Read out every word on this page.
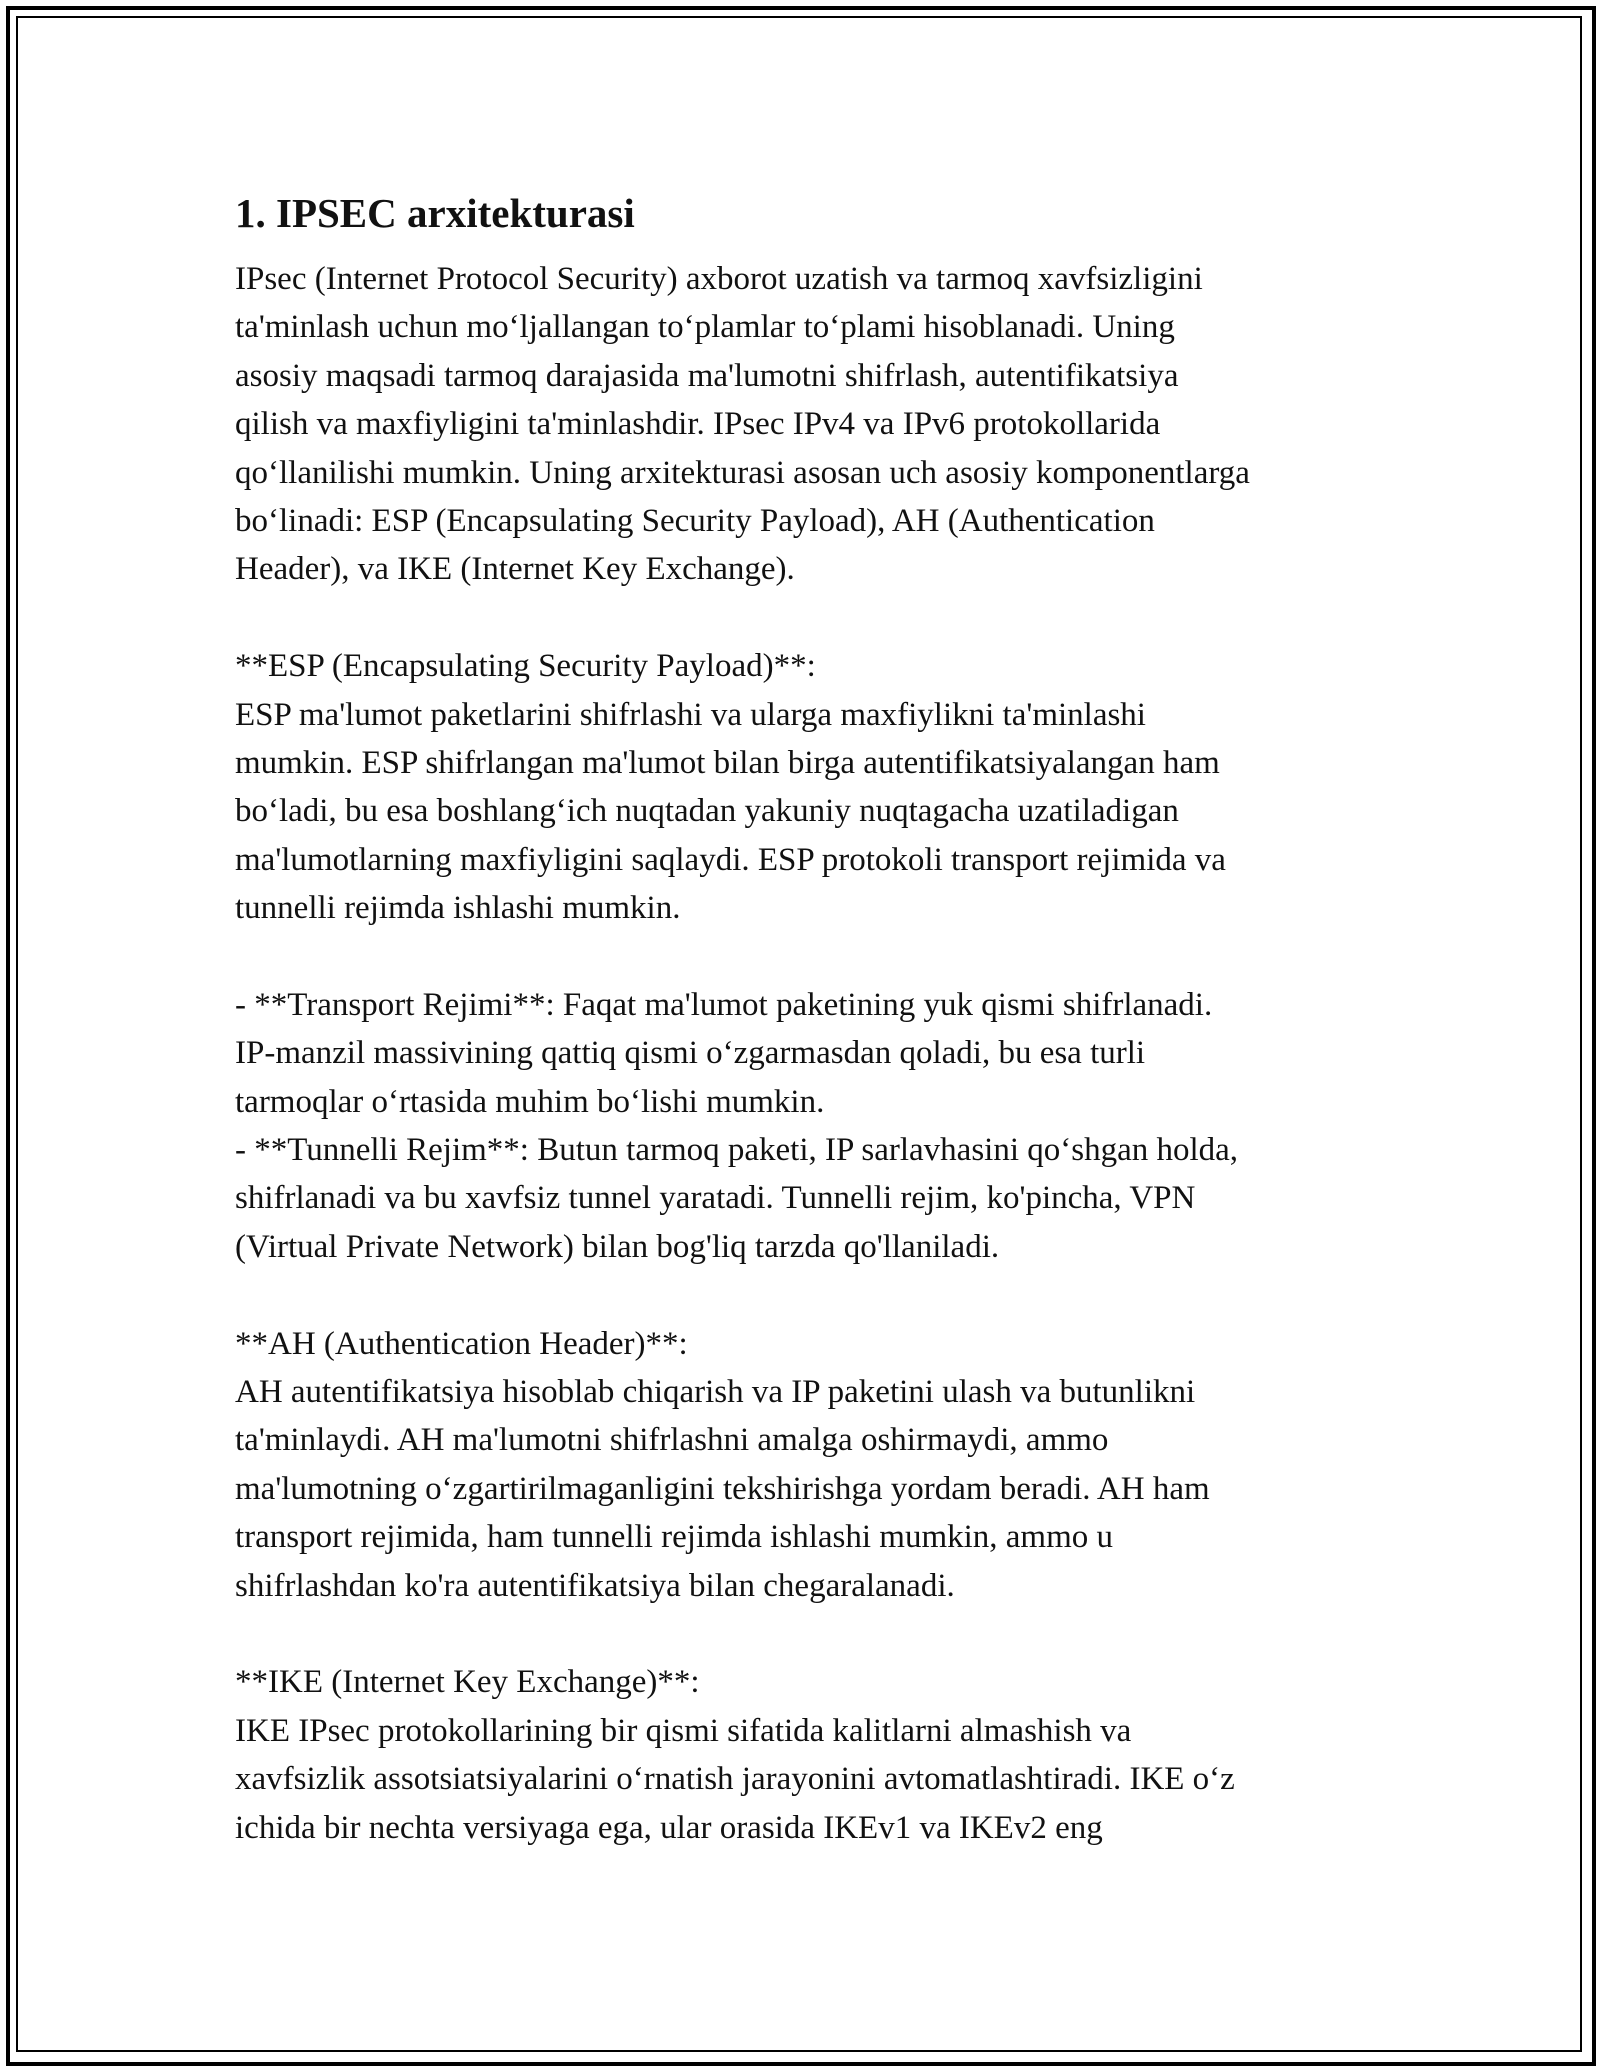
1. IPSEC arxitekturasi
IPsec (Internet Protocol Security) axborot uzatish va tarmoq xavfsizligini
ta'minlash uchun mo‘ljallangan to‘plamlar to‘plami hisoblanadi. Uning
asosiy maqsadi tarmoq darajasida ma'lumotni shifrlash, autentifikatsiya
qilish va maxfiyligini ta'minlashdir. IPsec IPv4 va IPv6 protokollarida
qo‘llanilishi mumkin. Uning arxitekturasi asosan uch asosiy komponentlarga
bo‘linadi: ESP (Encapsulating Security Payload), AH (Authentication
Header), va IKE (Internet Key Exchange).
**ESP (Encapsulating Security Payload)**:
ESP ma'lumot paketlarini shifrlashi va ularga maxfiylikni ta'minlashi
mumkin. ESP shifrlangan ma'lumot bilan birga autentifikatsiyalangan ham
bo‘ladi, bu esa boshlang‘ich nuqtadan yakuniy nuqtagacha uzatiladigan
ma'lumotlarning maxfiyligini saqlaydi. ESP protokoli transport rejimida va
tunnelli rejimda ishlashi mumkin.
- **Transport Rejimi**: Faqat ma'lumot paketining yuk qismi shifrlanadi.
IP-manzil massivining qattiq qismi o‘zgarmasdan qoladi, bu esa turli
tarmoqlar o‘rtasida muhim bo‘lishi mumkin.
- **Tunnelli Rejim**: Butun tarmoq paketi, IP sarlavhasini qo‘shgan holda,
shifrlanadi va bu xavfsiz tunnel yaratadi. Tunnelli rejim, ko'pincha, VPN
(Virtual Private Network) bilan bog'liq tarzda qo'llaniladi.
**AH (Authentication Header)**:
AH autentifikatsiya hisoblab chiqarish va IP paketini ulash va butunlikni
ta'minlaydi. AH ma'lumotni shifrlashni amalga oshirmaydi, ammo
ma'lumotning o‘zgartirilmaganligini tekshirishga yordam beradi. AH ham
transport rejimida, ham tunnelli rejimda ishlashi mumkin, ammo u
shifrlashdan ko'ra autentifikatsiya bilan chegaralanadi.
**IKE (Internet Key Exchange)**:
IKE IPsec protokollarining bir qismi sifatida kalitlarni almashish va
xavfsizlik assotsiatsiyalarini o‘rnatish jarayonini avtomatlashtiradi. IKE o‘z
ichida bir nechta versiyaga ega, ular orasida IKEv1 va IKEv2 eng
